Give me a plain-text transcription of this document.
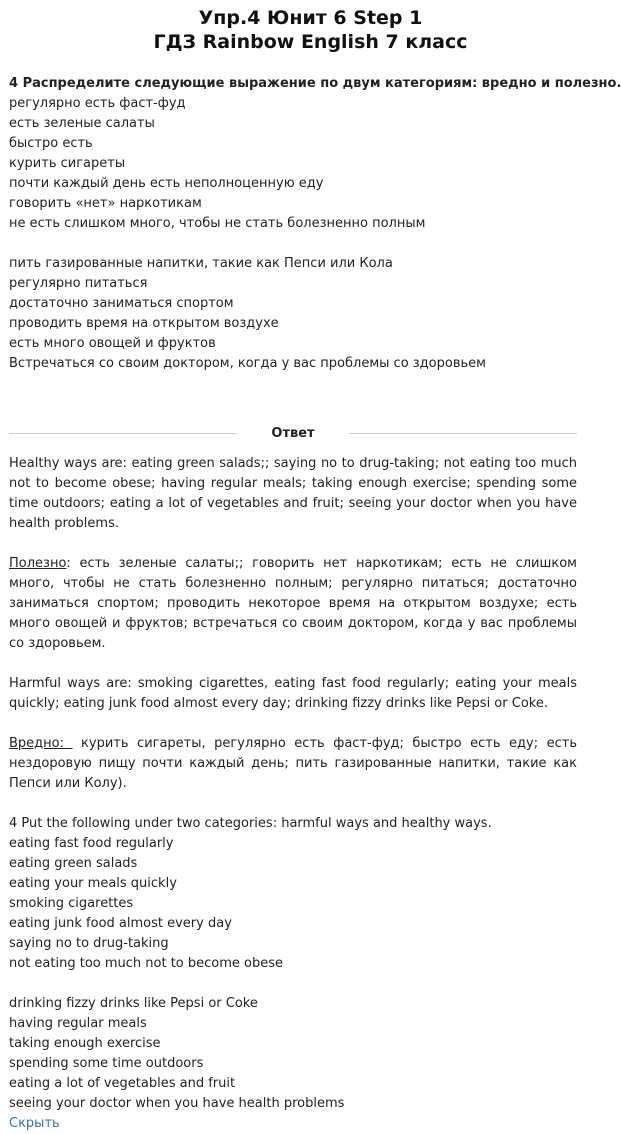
Упр.4 Юнит 6 Step 1
ГДЗ Rainbow English 7 класс
4 Распределите следующие выражение по двум категориям: вредно и полезно.
регулярно есть фаст-фуд
есть зеленые салаты
быстро есть
курить сигареты
почти каждый день есть неполноценную еду
говорить «нет» наркотикам
не есть слишком много, чтобы не стать болезненно полным
пить газированные напитки, такие как Пепси или Кола
регулярно питаться
достаточно заниматься спортом
проводить время на открытом воздухе
есть много овощей и фруктов
Встречаться со своим доктором, когда у вас проблемы со здоровьем
Ответ
Healthy ways are: eating green salads;; saying no to drug-taking; not eating too much not to become obese; having regular meals; taking enough exercise; spending some time outdoors; eating a lot of vegetables and fruit; seeing your doctor when you have health problems.
Полезно: есть зеленые салаты;; говорить нет наркотикам; есть не слишком много, чтобы не стать болезненно полным; регулярно питаться; достаточно заниматься спортом; проводить некоторое время на открытом воздухе; есть много овощей и фруктов; встречаться со своим доктором, когда у вас проблемы со здоровьем.
Harmful ways are: smoking cigarettes, eating fast food regularly; eating your meals quickly; eating junk food almost every day; drinking fizzy drinks like Pepsi or Coke.
Вредно:  курить сигареты, регулярно есть фаст-фуд; быстро есть еду; есть нездоровую пищу почти каждый день; пить газированные напитки, такие как Пепси или Колу).
4 Put the following under two categories: harmful ways and healthy ways.
eating fast food regularly
eating green salads
eating your meals quickly
smoking cigarettes
eating junk food almost every day
saying no to drug-taking
not eating too much not to become obese
drinking fizzy drinks like Pepsi or Coke
having regular meals
taking enough exercise
spending some time outdoors
eating a lot of vegetables and fruit
seeing your doctor when you have health problems
Скрыть
